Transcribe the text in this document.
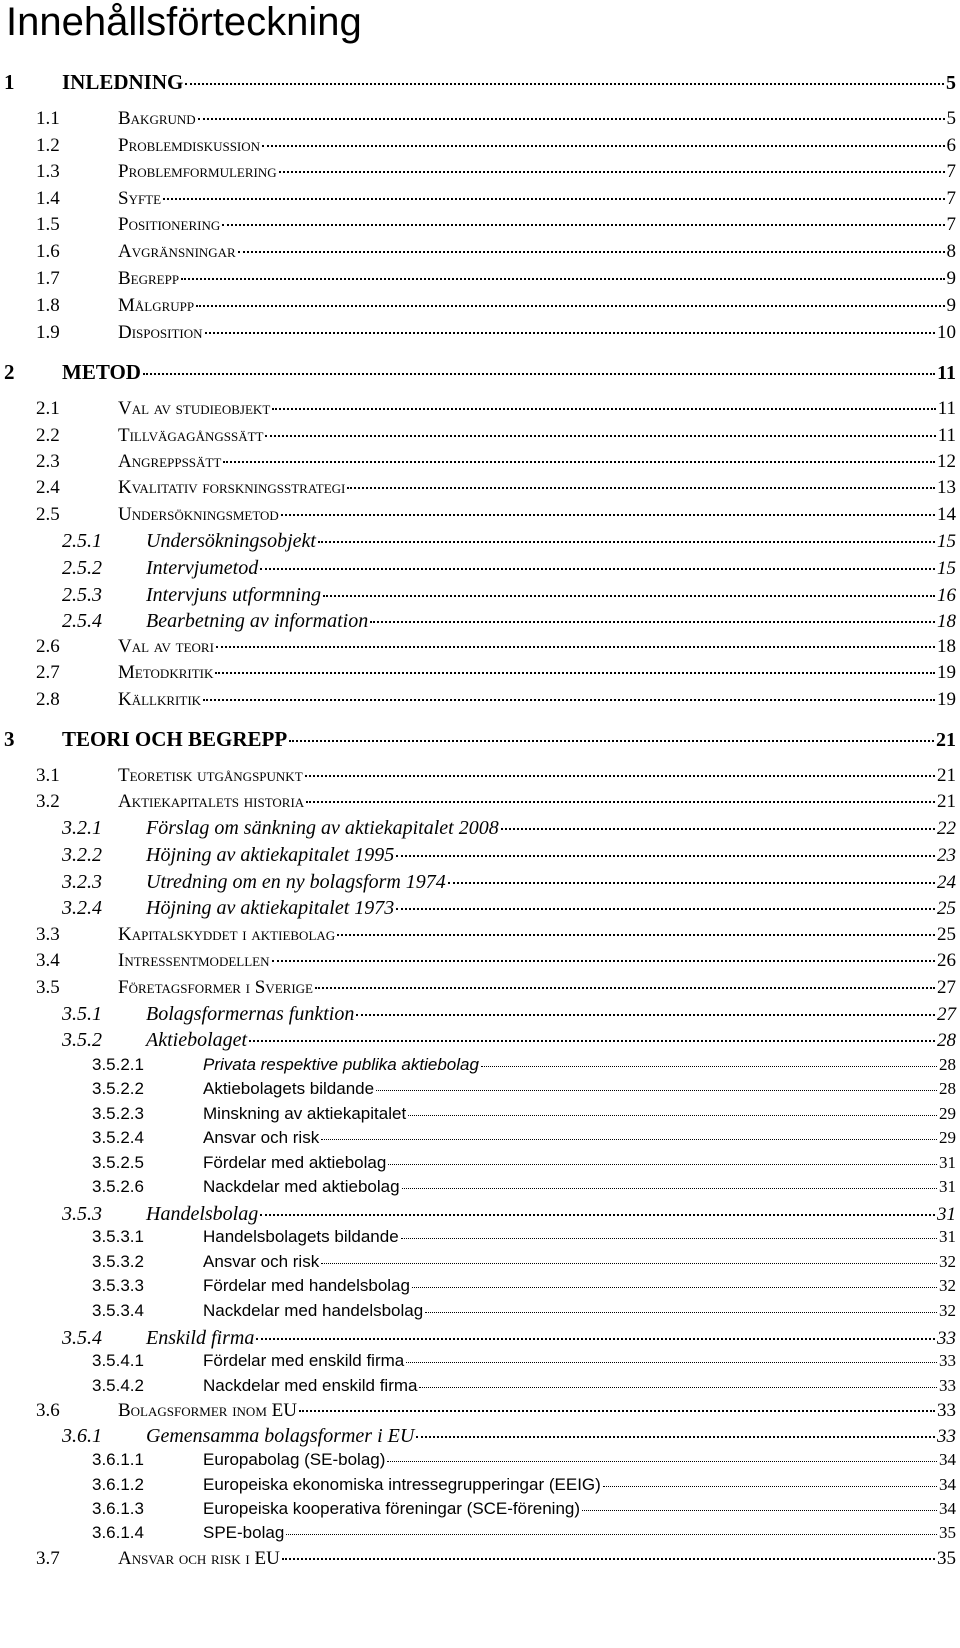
Innehållsförteckning
1	INLEDNING	5
1.1	Bakgrund	5
1.2	Problemdiskussion	6
1.3	Problemformulering	7
1.4	Syfte	7
1.5	Positionering	7
1.6	Avgränsningar	8
1.7	Begrepp	9
1.8	Målgrupp	9
1.9	Disposition	10
2	METOD	11
2.1	Val av studieobjekt	11
2.2	Tillvägagångssätt	11
2.3	Angreppssätt	12
2.4	Kvalitativ forskningsstrategi	13
2.5	Undersökningsmetod	14
2.5.1	Undersökningsobjekt	15
2.5.2	Intervjumetod	15
2.5.3	Intervjuns utformning	16
2.5.4	Bearbetning av information	18
2.6	Val av teori	18
2.7	Metodkritik	19
2.8	Källkritik	19
3	TEORI OCH BEGREPP	21
3.1	Teoretisk utgångspunkt	21
3.2	Aktiekapitalets historia	21
3.2.1	Förslag om sänkning av aktiekapitalet 2008	22
3.2.2	Höjning av aktiekapitalet 1995	23
3.2.3	Utredning om en ny bolagsform 1974	24
3.2.4	Höjning av aktiekapitalet 1973	25
3.3	Kapitalskyddet i aktiebolag	25
3.4	Intressentmodellen	26
3.5	Företagsformer i Sverige	27
3.5.1	Bolagsformernas funktion	27
3.5.2	Aktiebolaget	28
3.5.2.1	Privata respektive publika aktiebolag	28
3.5.2.2	Aktiebolagets bildande	28
3.5.2.3	Minskning av aktiekapitalet	29
3.5.2.4	Ansvar och risk	29
3.5.2.5	Fördelar med aktiebolag	31
3.5.2.6	Nackdelar med aktiebolag	31
3.5.3	Handelsbolag	31
3.5.3.1	Handelsbolagets bildande	31
3.5.3.2	Ansvar och risk	32
3.5.3.3	Fördelar med handelsbolag	32
3.5.3.4	Nackdelar med handelsbolag	32
3.5.4	Enskild firma	33
3.5.4.1	Fördelar med enskild firma	33
3.5.4.2	Nackdelar med enskild firma	33
3.6	Bolagsformer inom EU	33
3.6.1	Gemensamma bolagsformer i EU	33
3.6.1.1	Europabolag (SE-bolag)	34
3.6.1.2	Europeiska ekonomiska intressegrupperingar (EEIG)	34
3.6.1.3	Europeiska kooperativa föreningar (SCE-förening)	34
3.6.1.4	SPE-bolag	35
3.7	Ansvar och risk i EU	35
